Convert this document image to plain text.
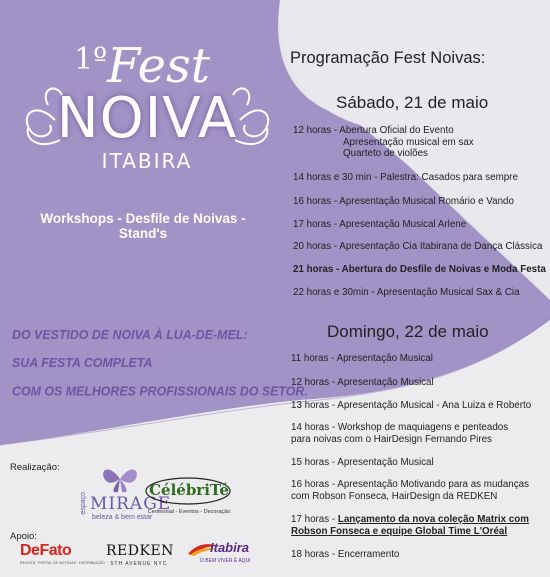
1º Fest
NOIVA
ITABIRA
Workshops - Desfile de Noivas - Stand's
DO VESTIDO DE NOIVA À LUA-DE-MEL:
SUA FESTA COMPLETA
COM OS MELHORES PROFISSIONAIS DO SETOR.
Programação Fest Noivas:
Sábado, 21 de maio
12 horas - Abertura Oficial do Evento
Apresentação musical em sax
Quarteto de violões
14 horas e 30 min - Palestra: Casados para sempre
16 horas - Apresentação Musical Romário e Vando
17 horas - Apresentação Musical Arlene
20 horas - Apresentação Cia Itabirana de Dança Clássica
21 horas - Abertura do Desfile de Noivas e Moda Festa
22 horas e 30min - Apresentação Musical Sax & Cia
Domingo, 22 de maio
11 horas - Apresentação Musical
12 horas - Apresentação Musical
13 horas - Apresentação Musical - Ana Luiza e Roberto
14 horas - Workshop de maquiagens e penteados
para noivas com o HairDesign Fernando Pires
15 horas - Apresentação Musical
16 horas - Apresentação Motivando para as mudanças
com Robson Fonseca, HairDesign da REDKEN
17 horas - Lançamento da nova coleção Matrix com
Robson Fonseca e equipe Global Time L'Oréal
18 horas - Encerramento
Realização:
Apoio:
espaço MIRAGE
beleza & bem estar
CélébriTé
Cerimonial - Eventos - Decoração
DeFato
REVISTA · PORTAL DE NOTÍCIAS · DISTRIBUIÇÃO
REDKEN
5TH AVENUE NYC
Itabira
O BEM VIVER É AQUI
